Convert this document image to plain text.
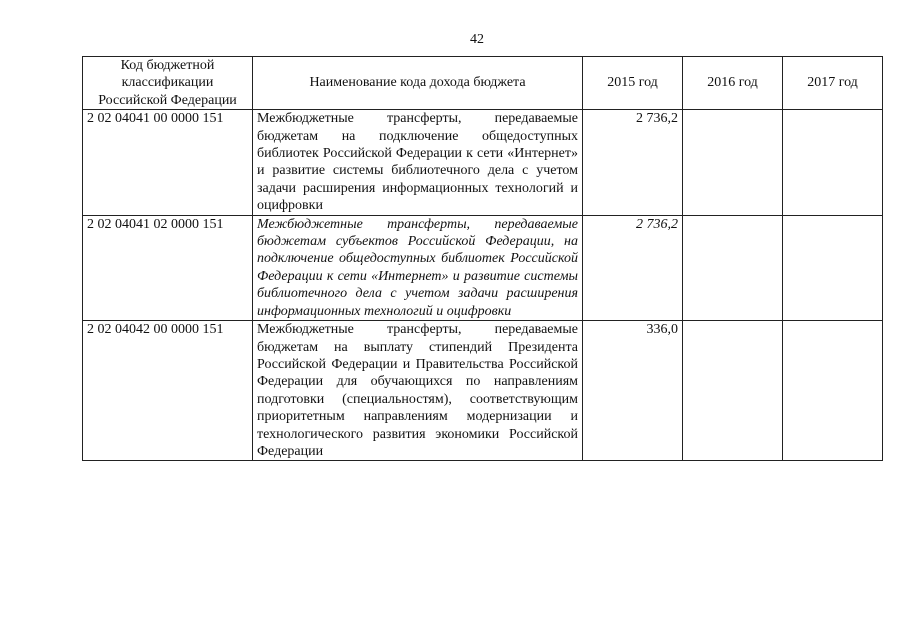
42
Код бюджетной классификации Российской Федерации	Наименование кода дохода бюджета	2015 год	2016 год	2017 год
2 02 04041 00 0000 151	Межбюджетные трансферты, передаваемые бюджетам на подключение общедоступных библиотек Российской Федерации к сети «Интернет» и развитие системы библиотечного дела с учетом задачи расширения информационных технологий и оцифровки	2 736,2		
2 02 04041 02 0000 151	Межбюджетные трансферты, передаваемые бюджетам субъектов Российской Федерации, на подключение общедоступных библиотек Российской Федерации к сети «Интернет» и развитие системы библиотечного дела с учетом задачи расширения информационных технологий и оцифровки	2 736,2		
2 02 04042 00 0000 151	Межбюджетные трансферты, передаваемые бюджетам на выплату стипендий Президента Российской Федерации и Правительства Российской Федерации для обучающихся по направлениям подготовки (специальностям), соответствующим приоритетным направлениям модернизации и технологического развития экономики Российской Федерации	336,0		
